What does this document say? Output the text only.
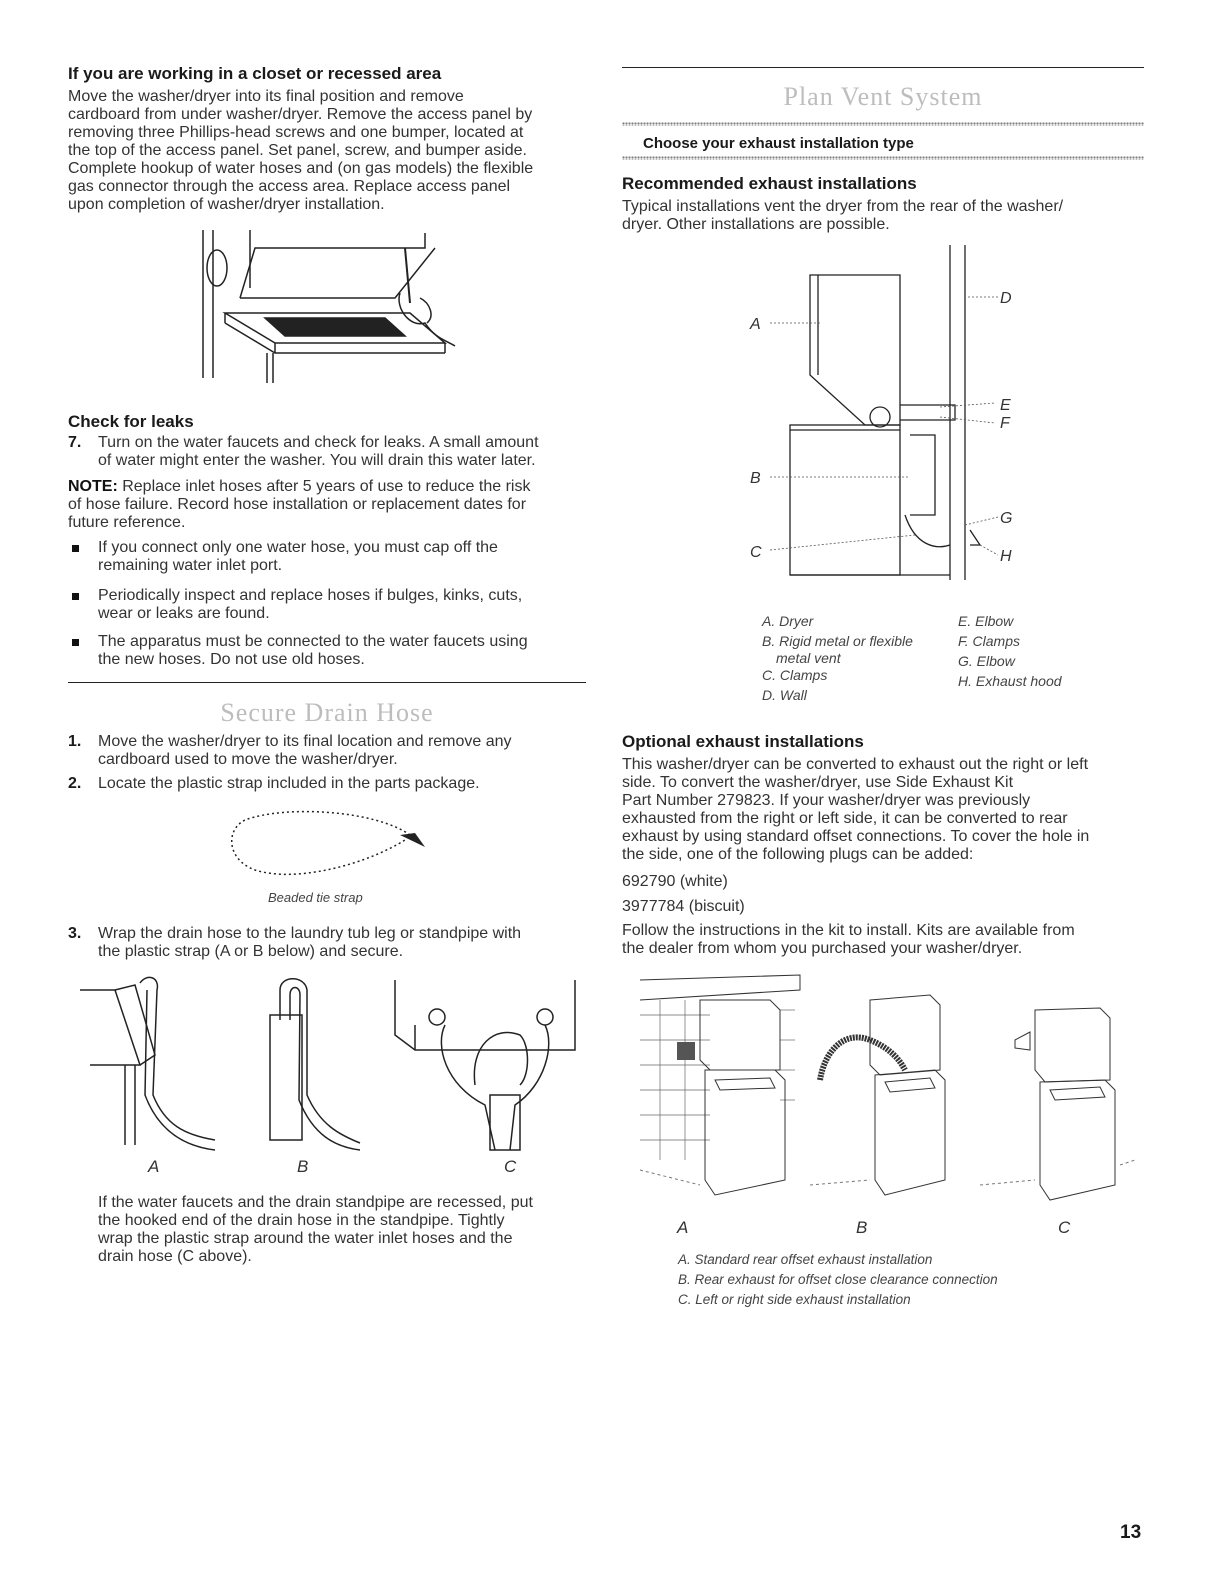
If you are working in a closet or recessed area

Move the washer/dryer into its final position and remove

cardboard from under washer/dryer. Remove the access panel by

removing three Phillips-head screws and one bumper, located at

the top of the access panel. Set panel, screw, and bumper aside.

Complete hookup of water hoses and (on gas models) the flexible

gas connector through the access area. Replace access panel

upon completion of washer/dryer installation.

Check for leaks
7. Turn on the water faucets and check for leaks. A small amount
of water might enter the washer. You will drain this water later.

NOTE: Replace inlet hoses after 5 years of use to reduce the risk

of hose failure. Record hose installation or replacement dates for

future reference.

If you connect only one water hose, you must cap off the
remaining water inlet port.
Periodically inspect and replace hoses if bulges, kinks, cuts,
wear or leaks are found.
The apparatus must be connected to the water faucets using
the new hoses. Do not use old hoses.
Secure Drain Hose
1. Move the washer/dryer to its final location and remove any
cardboard used to move the washer/dryer.
2. Locate the plastic strap included in the parts package.
Beaded tie strap
3. Wrap the drain hose to the laundry tub leg or standpipe with
the plastic strap (A or B below) and secure.
A	B	C

If the water faucets and the drain standpipe are recessed, put

the hooked end of the drain hose in the standpipe. Tightly

wrap the plastic strap around the water inlet hoses and the

drain hose (C above).

Plan Vent System
Choose your exhaust installation type
Recommended exhaust installations

Typical installations vent the dryer from the rear of the washer/

dryer. Other installations are possible.

A
B
C
D
E
F
G
H
A. Dryer
B. Rigid metal or flexible
metal vent
C. Clamps
D. Wall
E. Elbow
F. Clamps
G. Elbow
H. Exhaust hood
Optional exhaust installations

This washer/dryer can be converted to exhaust out the right or left

side. To convert the washer/dryer, use Side Exhaust Kit

Part Number 279823. If your washer/dryer was previously

exhausted from the right or left side, it can be converted to rear

exhaust by using standard offset connections. To cover the hole in

the side, one of the following plugs can be added:

692790 (white)

3977784 (biscuit)

Follow the instructions in the kit to install. Kits are available from

the dealer from whom you purchased your washer/dryer.

A	B	C
A. Standard rear offset exhaust installation
B. Rear exhaust for offset close clearance connection
C. Left or right side exhaust installation
13
